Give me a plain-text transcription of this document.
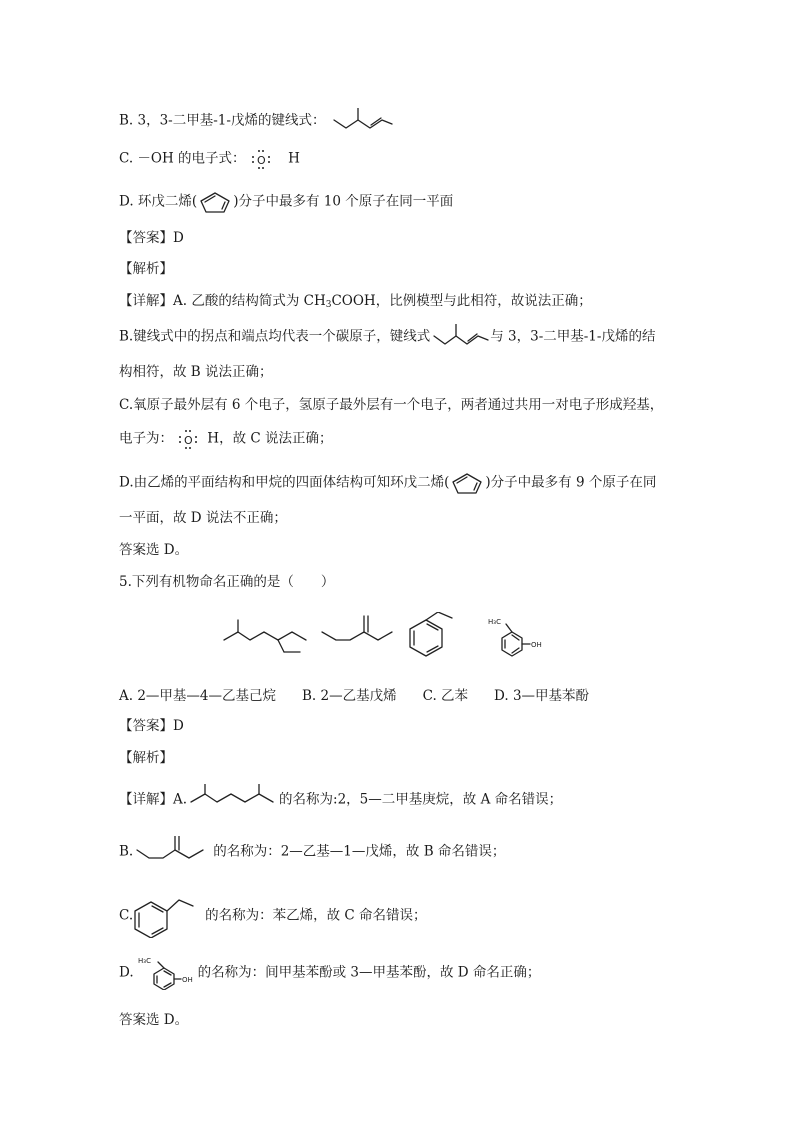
B. 3，3-二甲基-1-戊烯的键线式：
C. －OH 的电子式： O H
D. 环戊二烯(	)分子中最多有 10 个原子在同一平面
【答案】D
【解析】
【详解】A. 乙酸的结构简式为 $CH_3COOH$，比例模型与此相符，故说法正确；
B.键线式中的拐点和端点均代表一个碳原子，键线式	与 3，3-二甲基-1-戊烯的结
构相符，故 B 说法正确；
C.氧原子最外层有 6 个电子，氢原子最外层有一个电子，两者通过共用一对电子形成羟基，
电子为： O H，故 C 说法正确；
D.由乙烯的平面结构和甲烷的四面体结构可知环戊二烯(	)分子中最多有 9 个原子在同
一平面，故 D 说法不正确；
答案选 D。
5.下列有机物命名正确的是（　　）
H₃C
OH
A. 2—甲基—4—乙基己烷 B. 2—乙基戊烯 C. 乙苯 D. 3—甲基苯酚
【答案】D
【解析】
【详解】A.	的名称为:2，5—二甲基庚烷，故 A 命名错误；
B.	的名称为：2—乙基—1—戊烯，故 B 命名错误；
C.	的名称为：苯乙烯，故 C 命名错误；
D.
H₃C
OH 的名称为：间甲基苯酚或 3—甲基苯酚，故 D 命名正确；
答案选 D。
